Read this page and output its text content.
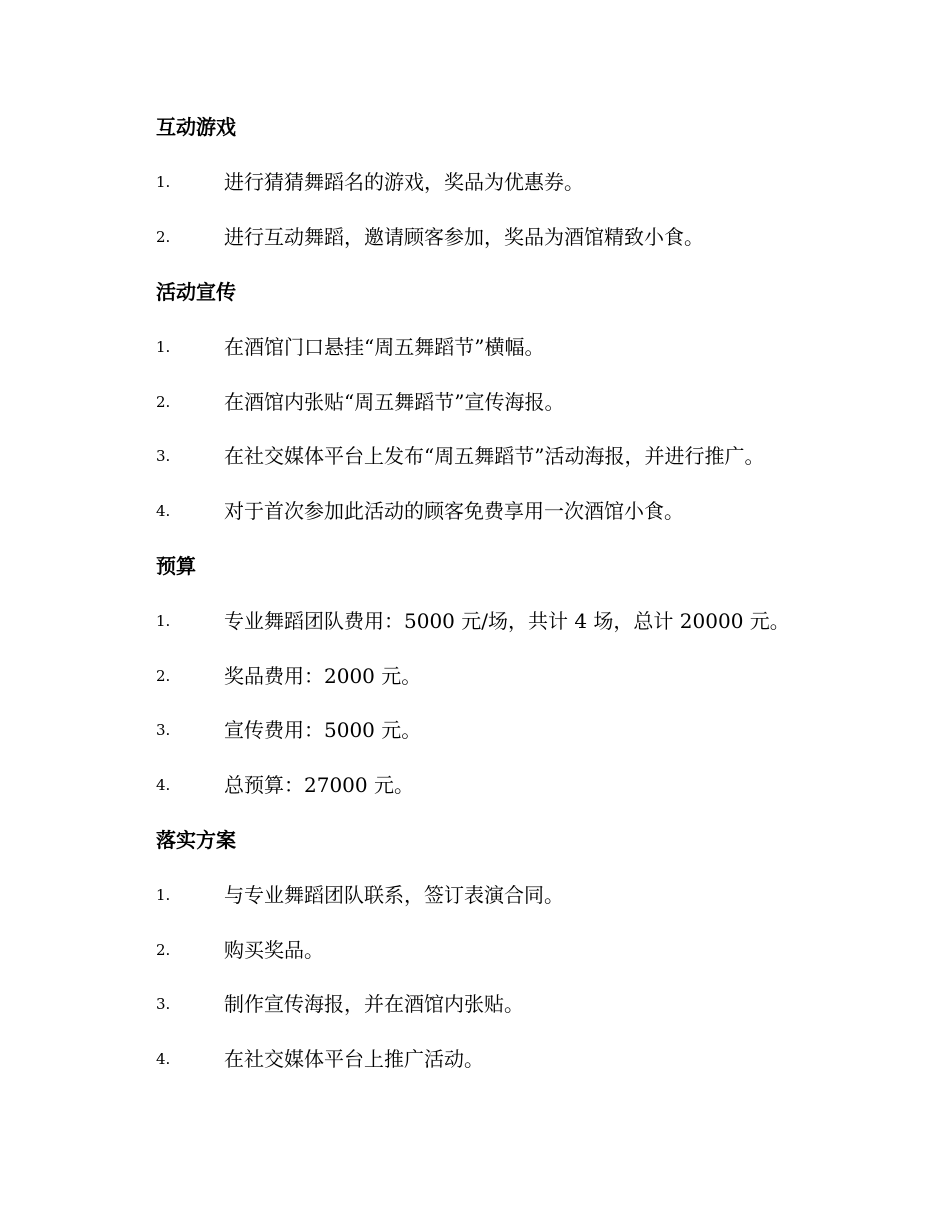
互动游戏
1.	进行猜猜舞蹈名的游戏，奖品为优惠券。
2.	进行互动舞蹈，邀请顾客参加，奖品为酒馆精致小食。
活动宣传
1.	在酒馆门口悬挂“周五舞蹈节”横幅。
2.	在酒馆内张贴“周五舞蹈节”宣传海报。
3.	在社交媒体平台上发布“周五舞蹈节”活动海报，并进行推广。
4.	对于首次参加此活动的顾客免费享用一次酒馆小食。
预算
1.	专业舞蹈团队费用：5000 元/场，共计 4 场，总计 20000 元。
2.	奖品费用：2000 元。
3.	宣传费用：5000 元。
4.	总预算：27000 元。
落实方案
1.	与专业舞蹈团队联系，签订表演合同。
2.	购买奖品。
3.	制作宣传海报，并在酒馆内张贴。
4.	在社交媒体平台上推广活动。
